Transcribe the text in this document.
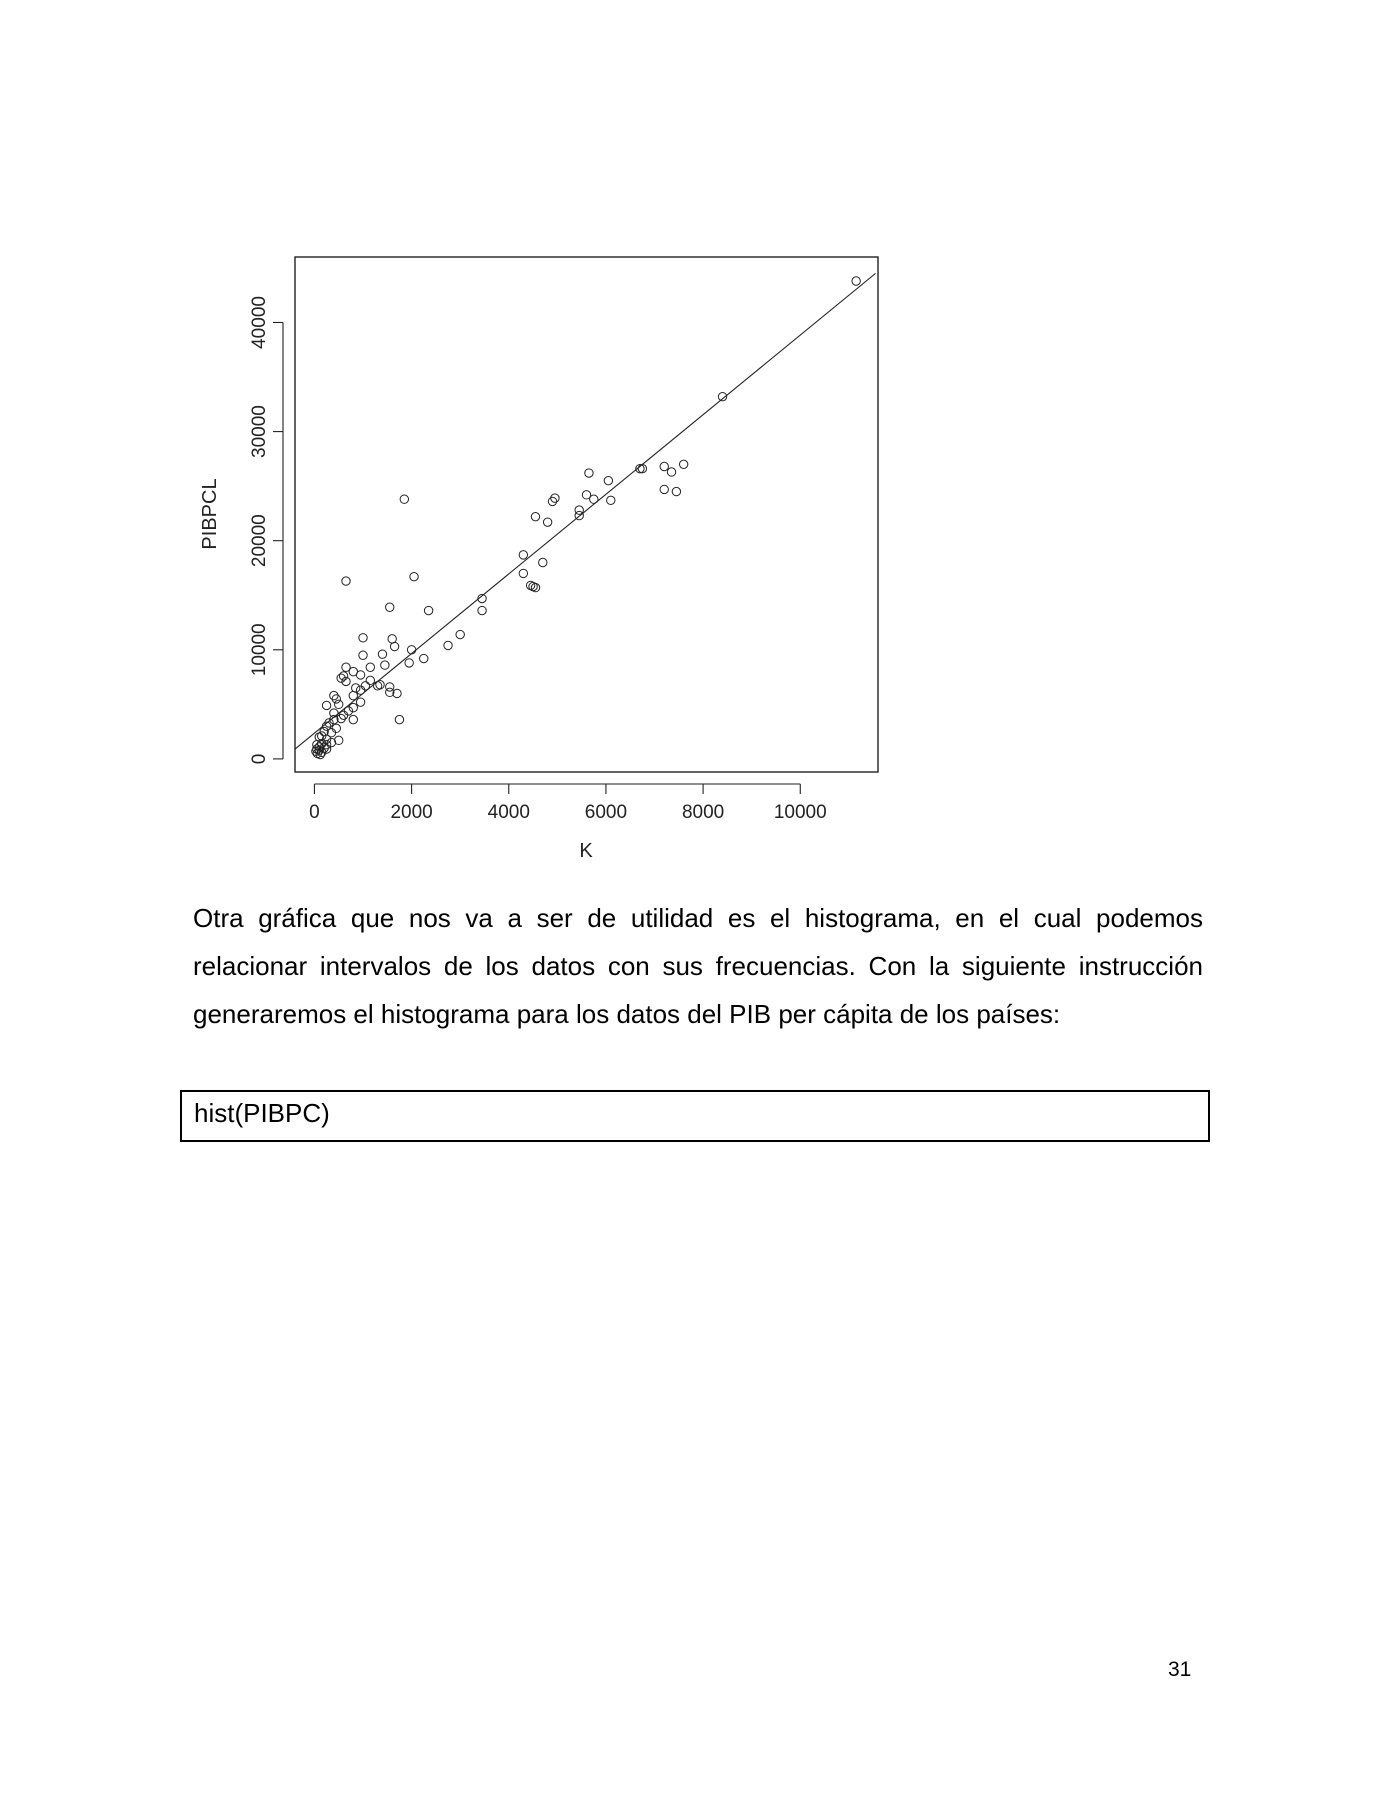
0	2000	4000	6000	8000	10000
0
10000
20000
30000
40000
K
PIBPCL

Otra gráfica que nos va a ser de utilidad es el histograma, en el cual podemos relacionar intervalos de los datos con sus frecuencias. Con la siguiente instrucción generaremos el histograma para los datos del PIB per cápita de los países:

hist(PIBPC)
31
